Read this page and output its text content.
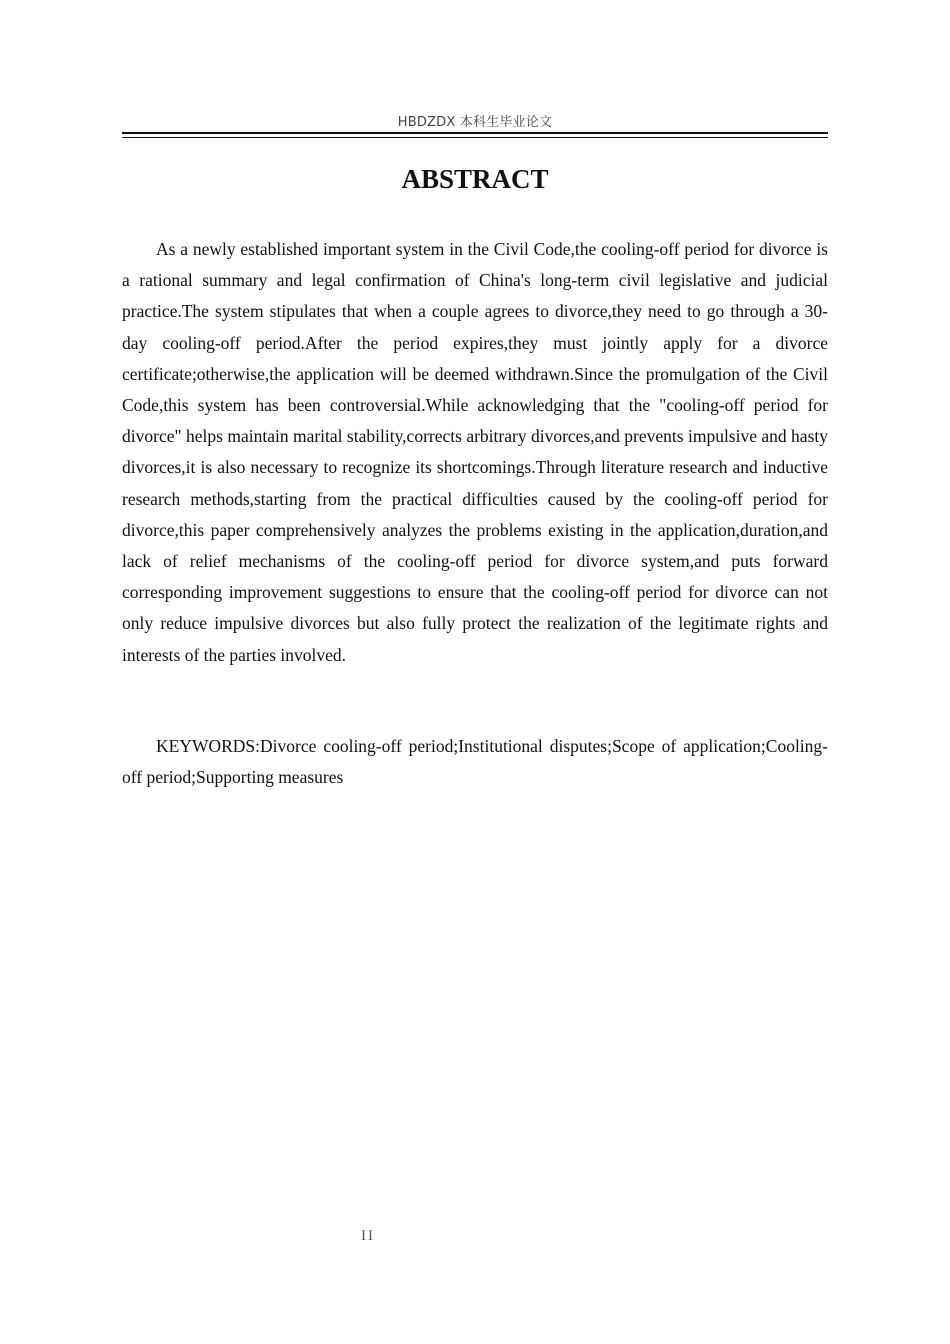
HBDZDX 本科生毕业论文
ABSTRACT

As a newly established important system in the Civil Code,the cooling-off period for divorce is a rational summary and legal confirmation of China's long-term civil legislative and judicial practice.The system stipulates that when a couple agrees to divorce,they need to go through a 30-day cooling-off period.After the period expires,they must jointly apply for a divorce certificate;otherwise,the application will be deemed withdrawn.Since the promulgation of the Civil Code,this system has been controversial.While acknowledging that the "cooling-off period for divorce" helps maintain marital stability,corrects arbitrary divorces,and prevents impulsive and hasty divorces,it is also necessary to recognize its shortcomings.Through literature research and inductive research methods,starting from the practical difficulties caused by the cooling-off period for divorce,this paper comprehensively analyzes the problems existing in the application,duration,and lack of relief mechanisms of the cooling-off period for divorce system,and puts forward corresponding improvement suggestions to ensure that the cooling-off period for divorce can not only reduce impulsive divorces but also fully protect the realization of the legitimate rights and interests of the parties involved.

KEYWORDS:Divorce cooling-off period;Institutional disputes;Scope of application;Cooling-off period;Supporting measures

II
